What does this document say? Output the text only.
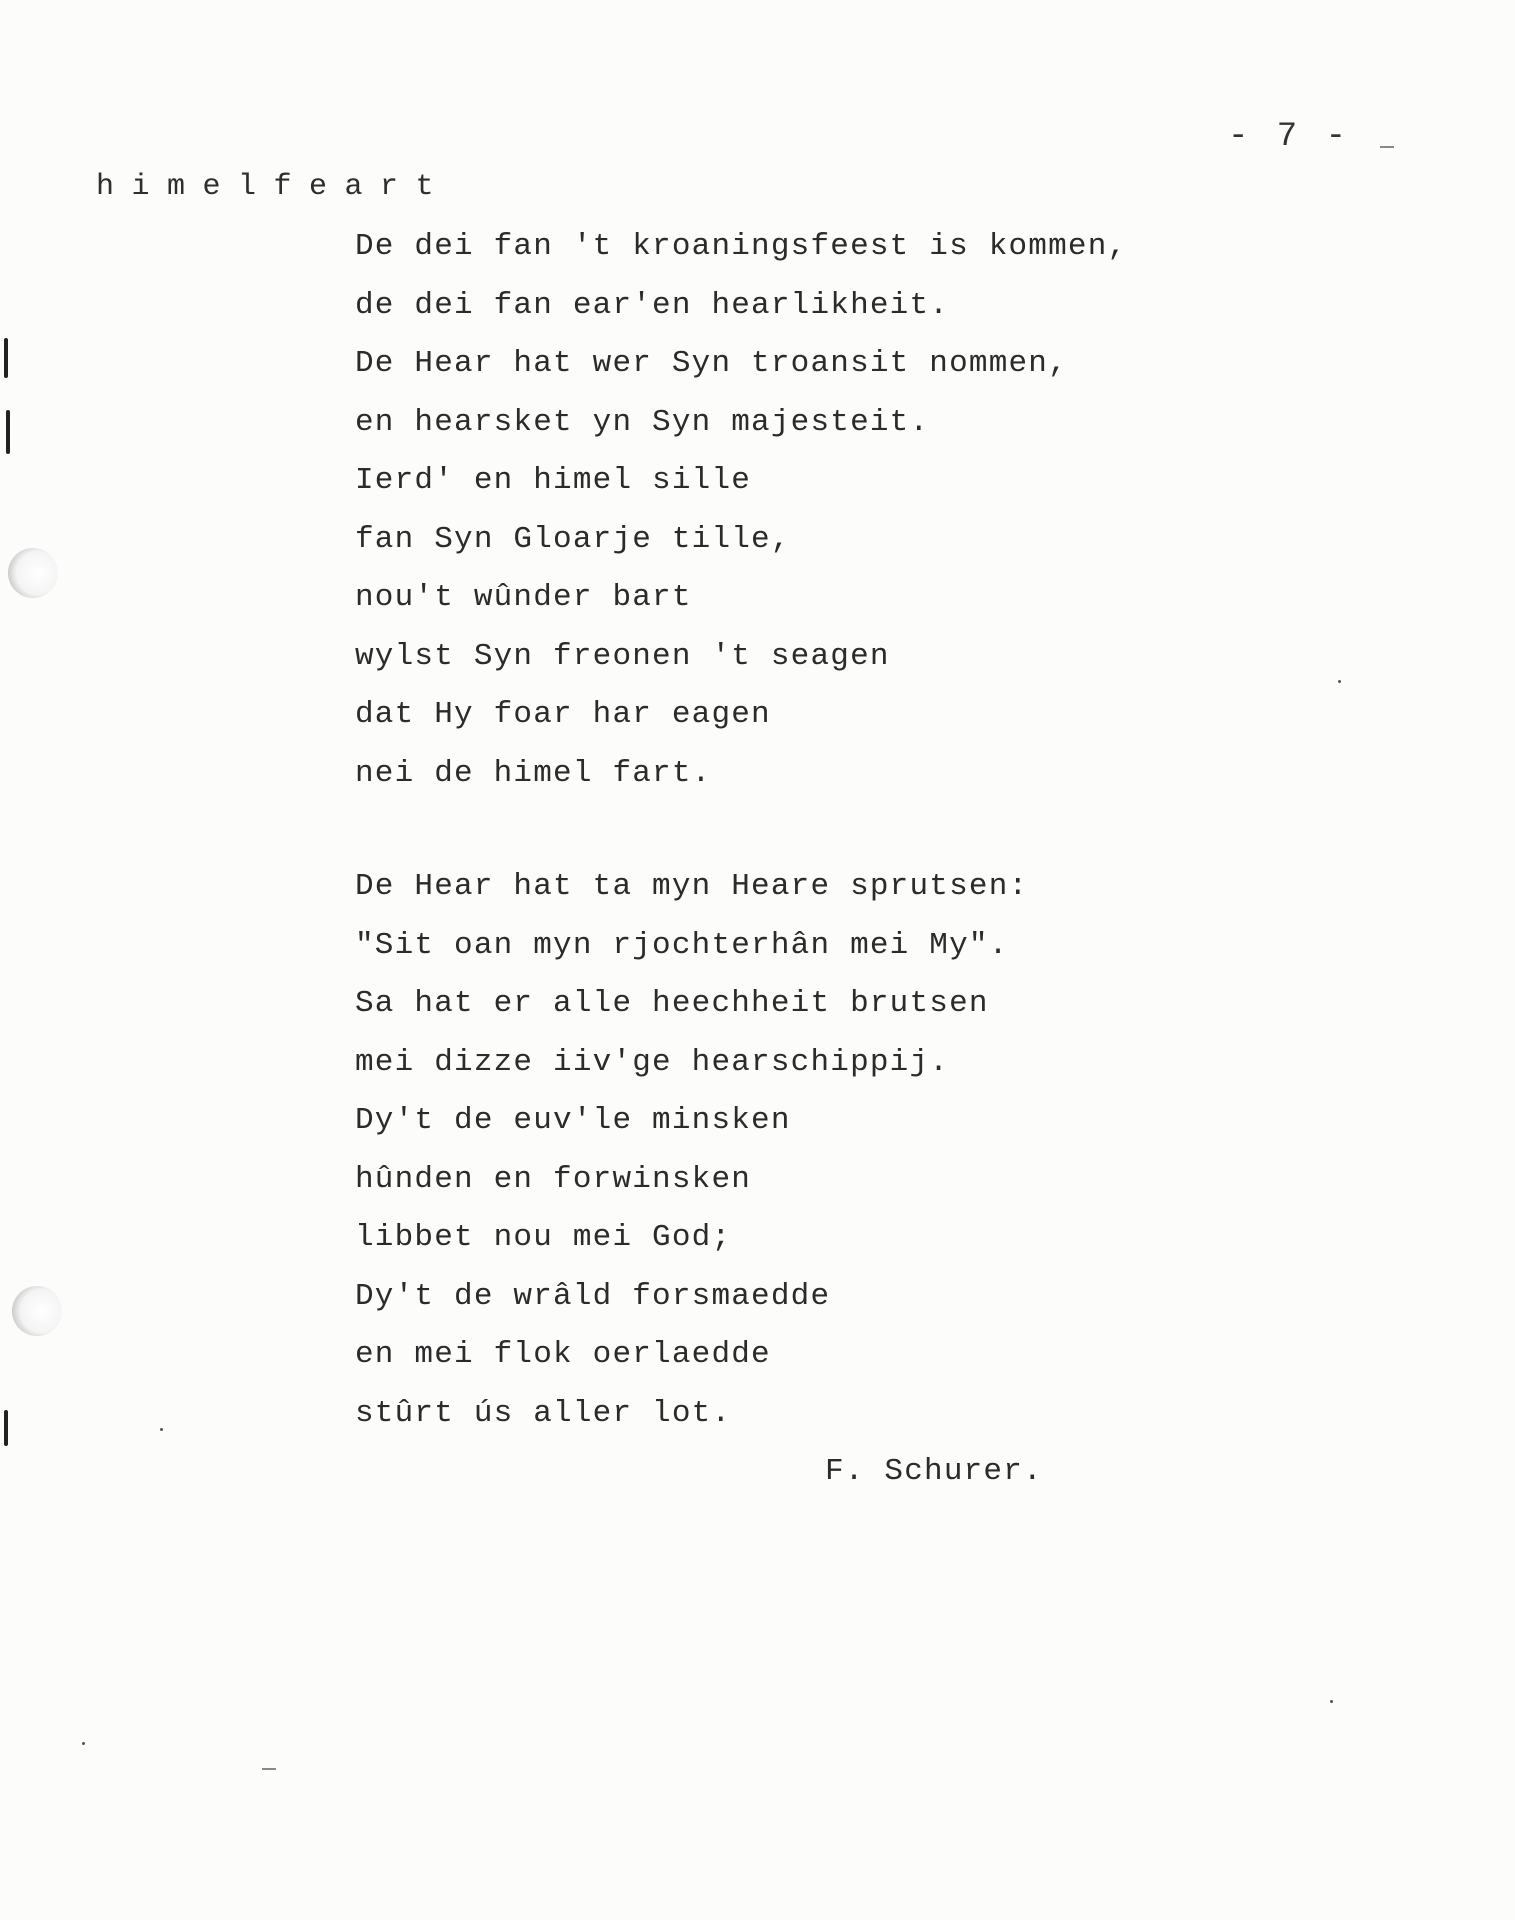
- 7 -
himelfeart
De dei fan 't kroaningsfeest is kommen,
de dei fan ear'en hearlikheit.
De Hear hat wer Syn troansit nommen,
en hearsket yn Syn majesteit.
Ierd' en himel sille
fan Syn Gloarje tille,
nou't wûnder bart
wylst Syn freonen 't seagen
dat Hy foar har eagen
nei de himel fart.
De Hear hat ta myn Heare sprutsen:
"Sit oan myn rjochterhân mei My".
Sa hat er alle heechheit brutsen
mei dizze iiv'ge hearschippij.
Dy't de euv'le minsken
hûnden en forwinsken
libbet nou mei God;
Dy't de wrâld forsmaedde
en mei flok oerlaedde
stûrt ús aller lot.
F. Schurer.
